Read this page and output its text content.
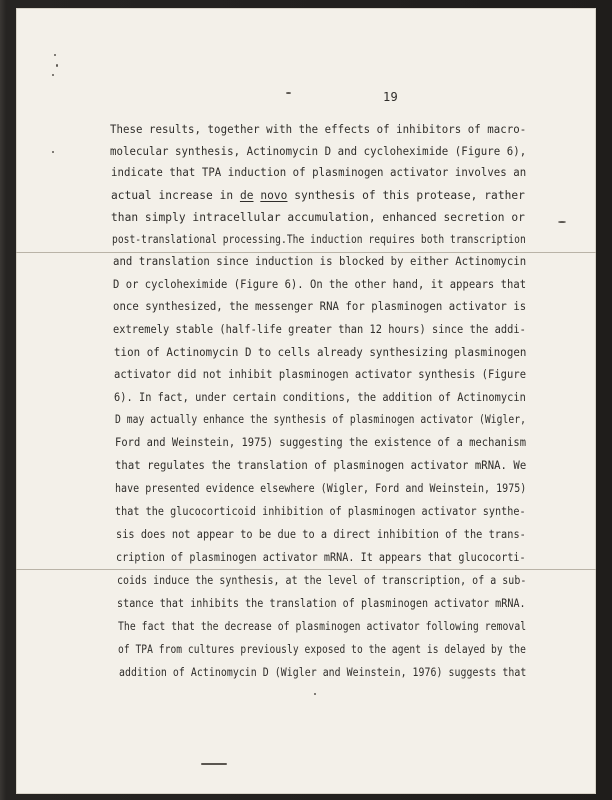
19
These results, together with the effects of inhibitors of macro-
molecular synthesis, Actinomycin D and cycloheximide (Figure 6),
indicate that TPA induction of plasminogen activator involves an
actual increase in de novo synthesis of this protease, rather
than simply intracellular accumulation, enhanced secretion or
post-translational processing.The induction requires both transcription
and translation since induction is blocked by either Actinomycin
D or cycloheximide (Figure 6). On the other hand, it appears that
once synthesized, the messenger RNA for plasminogen activator is
extremely stable (half-life greater than 12 hours) since the addi-
tion of Actinomycin D to cells already synthesizing plasminogen
activator did not inhibit plasminogen activator synthesis (Figure
6). In fact, under certain conditions, the addition of Actinomycin
D may actually enhance the synthesis of plasminogen activator (Wigler,
Ford and Weinstein, 1975) suggesting the existence of a mechanism
that regulates the translation of plasminogen activator mRNA. We
have presented evidence elsewhere (Wigler, Ford and Weinstein, 1975)
that the glucocorticoid inhibition of plasminogen activator synthe-
sis does not appear to be due to a direct inhibition of the trans-
cription of plasminogen activator mRNA. It appears that glucocorti-
coids induce the synthesis, at the level of transcription, of a sub-
stance that inhibits the translation of plasminogen activator mRNA.
The fact that the decrease of plasminogen activator following removal
of TPA from cultures previously exposed to the agent is delayed by the
addition of Actinomycin D (Wigler and Weinstein, 1976) suggests that
